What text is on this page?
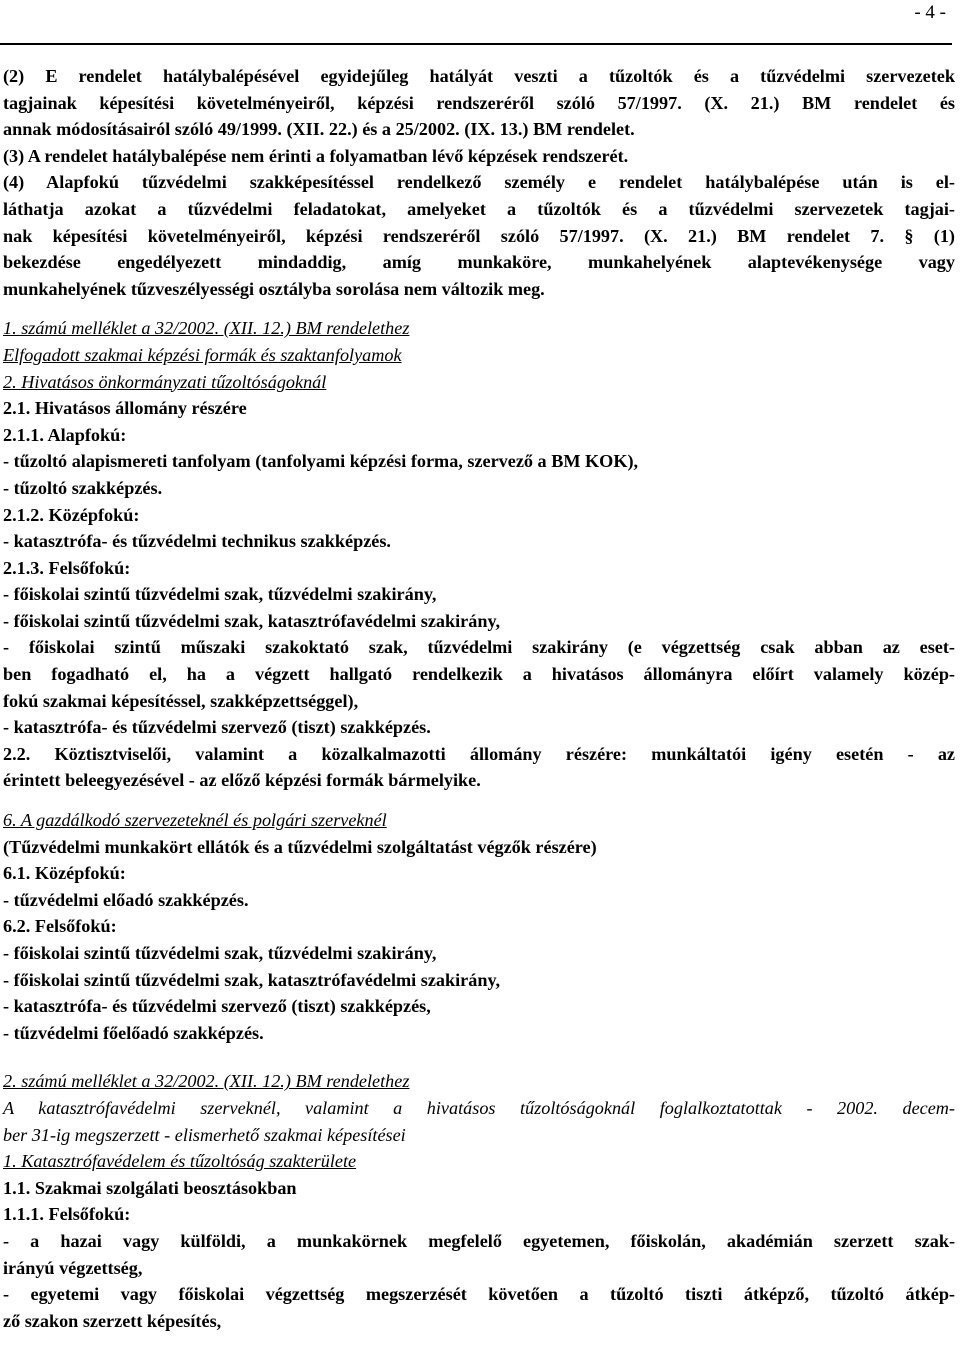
- 4 -

(2) E rendelet hatálybalépésével egyidejűleg hatályát veszti a tűzoltók és a tűzvédelmi szervezetek

tagjainak képesítési követelményeiről, képzési rendszeréről szóló 57/1997. (X. 21.) BM rendelet és

annak módosításairól szóló 49/1999. (XII. 22.) és a 25/2002. (IX. 13.) BM rendelet.

(3) A rendelet hatálybalépése nem érinti a folyamatban lévő képzések rendszerét.

(4) Alapfokú tűzvédelmi szakképesítéssel rendelkező személy e rendelet hatálybalépése után is el-

láthatja azokat a tűzvédelmi feladatokat, amelyeket a tűzoltók és a tűzvédelmi szervezetek tagjai-

nak képesítési követelményeiről, képzési rendszeréről szóló 57/1997. (X. 21.) BM rendelet 7. § (1)

bekezdése engedélyezett mindaddig, amíg munkaköre, munkahelyének alaptevékenysége vagy

munkahelyének tűzveszélyességi osztályba sorolása nem változik meg.

1. számú melléklet a 32/2002. (XII. 12.) BM rendelethez

Elfogadott szakmai képzési formák és szaktanfolyamok

2. Hivatásos önkormányzati tűzoltóságoknál

2.1. Hivatásos állomány részére

2.1.1. Alapfokú:

- tűzoltó alapismereti tanfolyam (tanfolyami képzési forma, szervező a BM KOK),

- tűzoltó szakképzés.

2.1.2. Középfokú:

- katasztrófa- és tűzvédelmi technikus szakképzés.

2.1.3. Felsőfokú:

- főiskolai szintű tűzvédelmi szak, tűzvédelmi szakirány,

- főiskolai szintű tűzvédelmi szak, katasztrófavédelmi szakirány,

- főiskolai szintű műszaki szakoktató szak, tűzvédelmi szakirány (e végzettség csak abban az eset-

ben fogadható el, ha a végzett hallgató rendelkezik a hivatásos állományra előírt valamely közép-

fokú szakmai képesítéssel, szakképzettséggel),

- katasztrófa- és tűzvédelmi szervező (tiszt) szakképzés.

2.2. Köztisztviselői, valamint a közalkalmazotti állomány részére: munkáltatói igény esetén - az

érintett beleegyezésével - az előző képzési formák bármelyike.

6. A gazdálkodó szervezeteknél és polgári szerveknél

(Tűzvédelmi munkakört ellátók és a tűzvédelmi szolgáltatást végzők részére)

6.1. Középfokú:

- tűzvédelmi előadó szakképzés.

6.2. Felsőfokú:

- főiskolai szintű tűzvédelmi szak, tűzvédelmi szakirány,

- főiskolai szintű tűzvédelmi szak, katasztrófavédelmi szakirány,

- katasztrófa- és tűzvédelmi szervező (tiszt) szakképzés,

- tűzvédelmi főelőadó szakképzés.

2. számú melléklet a 32/2002. (XII. 12.) BM rendelethez

A katasztrófavédelmi szerveknél, valamint a hivatásos tűzoltóságoknál foglalkoztatottak - 2002. decem-

ber 31-ig megszerzett - elismerhető szakmai képesítései

1. Katasztrófavédelem és tűzoltóság szakterülete

1.1. Szakmai szolgálati beosztásokban

1.1.1. Felsőfokú:

- a hazai vagy külföldi, a munkakörnek megfelelő egyetemen, főiskolán, akadémián szerzett szak-

irányú végzettség,

- egyetemi vagy főiskolai végzettség megszerzését követően a tűzoltó tiszti átképző, tűzoltó átkép-

ző szakon szerzett képesítés,
